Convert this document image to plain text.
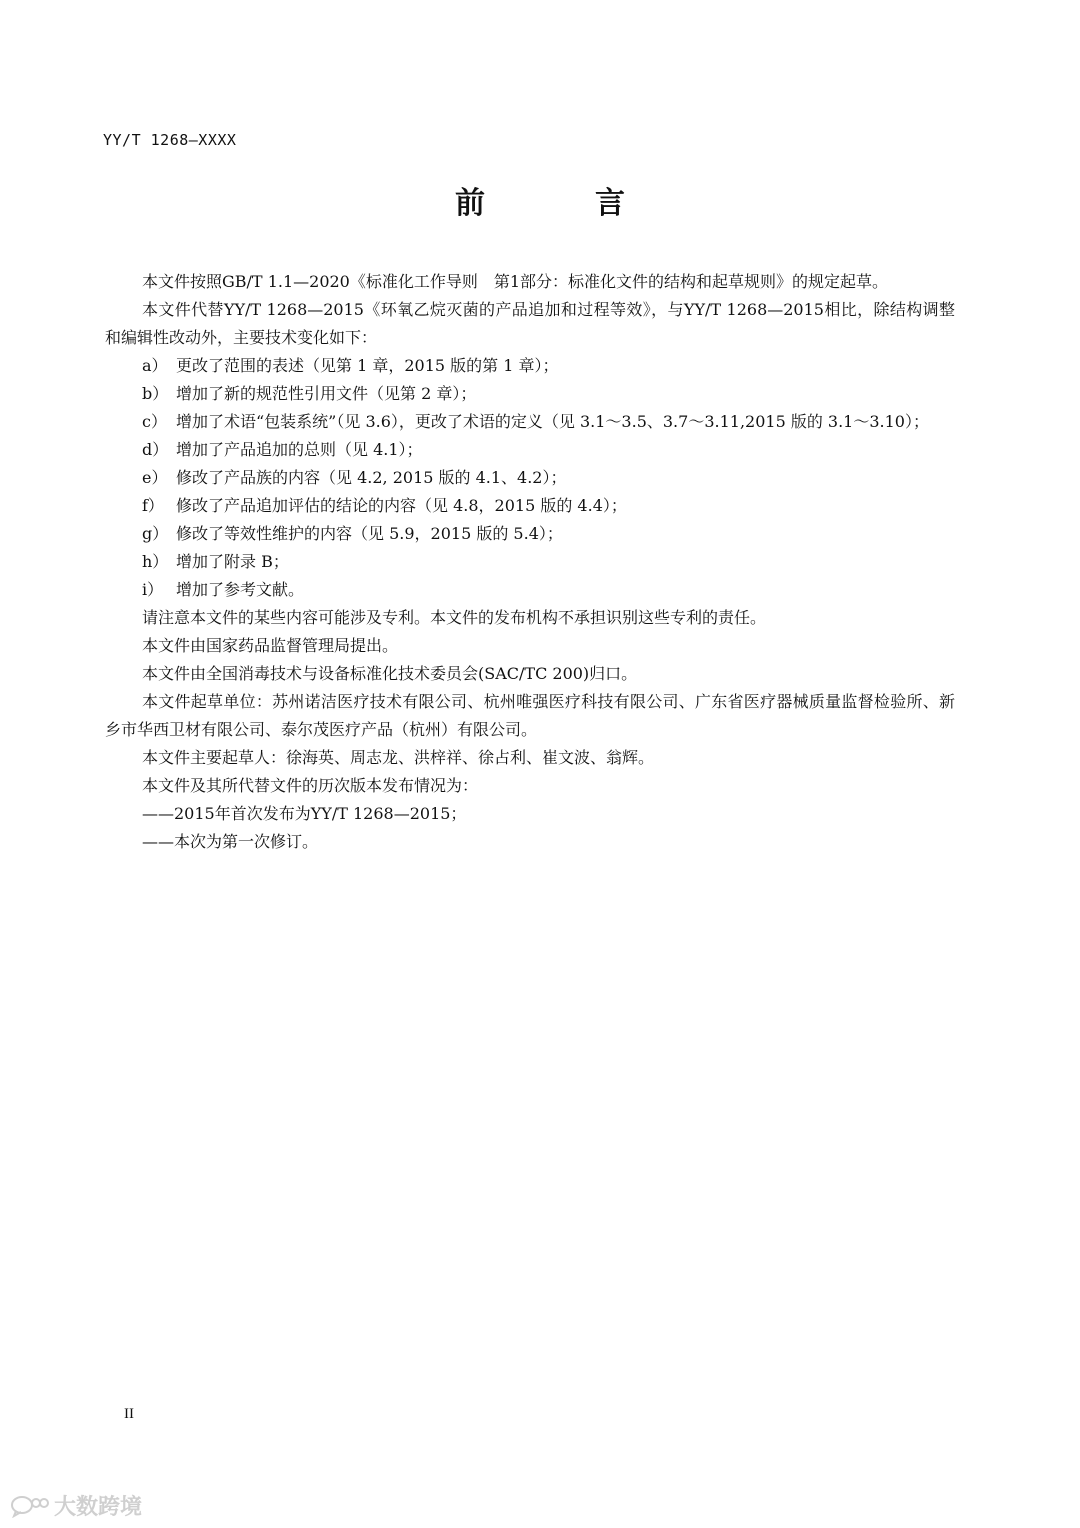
YY/T 1268—XXXX
前　言

本文件按照GB/T 1.1—2020《标准化工作导则　第1部分：标准化文件的结构和起草规则》的规定起草。

本文件代替YY/T 1268—2015《环氧乙烷灭菌的产品追加和过程等效》，与YY/T 1268—2015相比，除结构调整和编辑性改动外，主要技术变化如下：

a） 更改了范围的表述（见第 1 章，2015 版的第 1 章）；

b） 增加了新的规范性引用文件（见第 2 章）；

c） 增加了术语“包装系统”（见 3.6），更改了术语的定义（见 3.1～3.5、3.7～3.11,2015 版的 3.1～3.10）；

d） 增加了产品追加的总则（见 4.1）；

e） 修改了产品族的内容（见 4.2, 2015 版的 4.1、4.2）；

f） 修改了产品追加评估的结论的内容（见 4.8，2015 版的 4.4）；

g） 修改了等效性维护的内容（见 5.9，2015 版的 5.4）；

h） 增加了附录 B；

i） 增加了参考文献。

请注意本文件的某些内容可能涉及专利。本文件的发布机构不承担识别这些专利的责任。

本文件由国家药品监督管理局提出。

本文件由全国消毒技术与设备标准化技术委员会(SAC/TC 200)归口。

本文件起草单位：苏州诺洁医疗技术有限公司、杭州唯强医疗科技有限公司、广东省医疗器械质量监督检验所、新乡市华西卫材有限公司、泰尔茂医疗产品（杭州）有限公司。

本文件主要起草人：徐海英、周志龙、洪梓祥、徐占利、崔文波、翁辉。

本文件及其所代替文件的历次版本发布情况为：

——2015年首次发布为YY/T 1268—2015；

——本次为第一次修订。

II
大数跨境
